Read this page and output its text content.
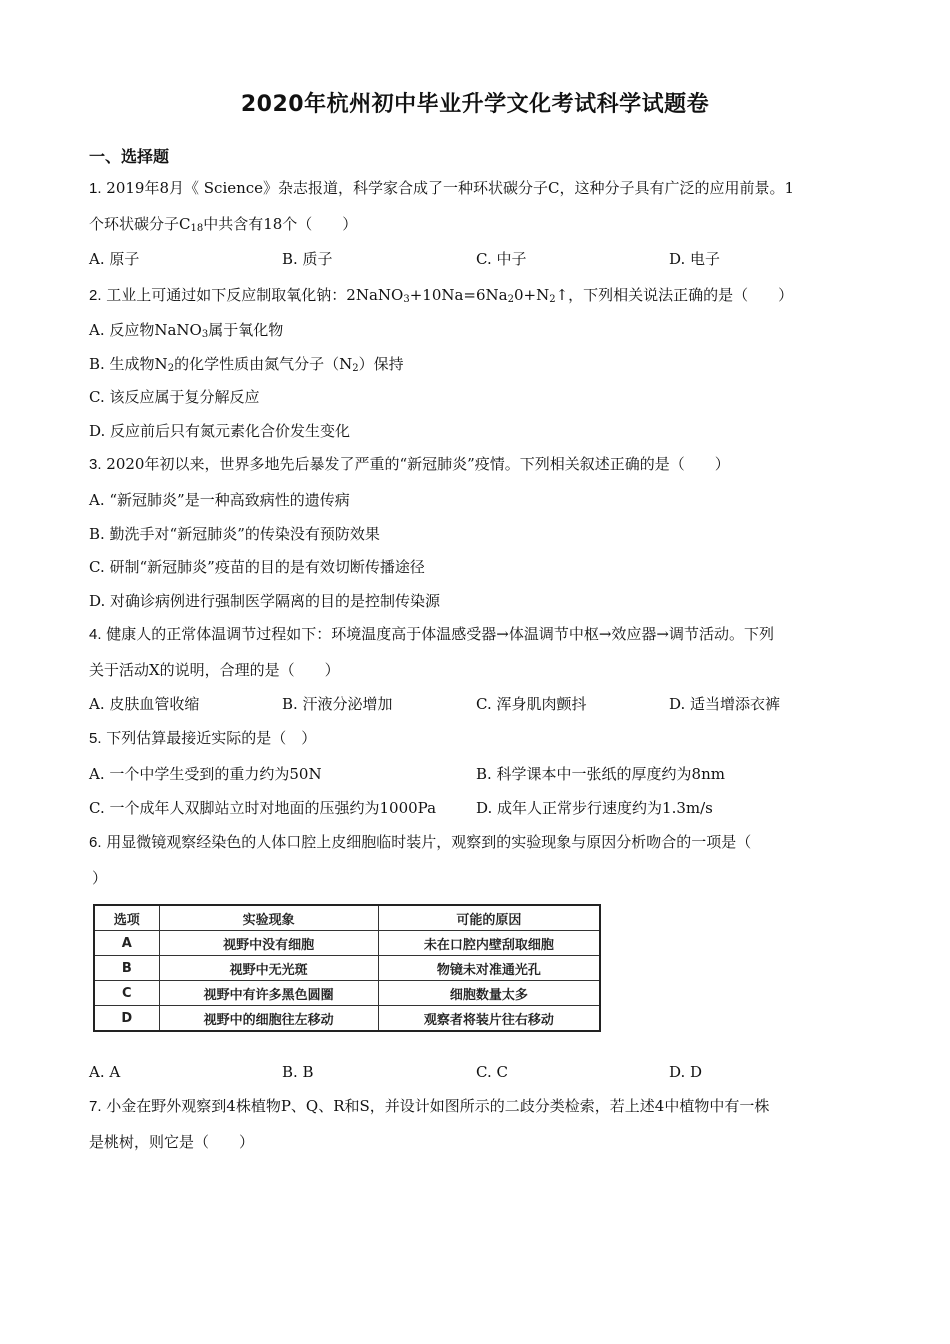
2020年杭州初中毕业升学文化考试科学试题卷
一、选择题
1. 2019年8月《 Science》杂志报道，科学家合成了一种环状碳分子C，这种分子具有广泛的应用前景。1
个环状碳分子$C_{18}$中共含有18个（　　）
A. 原子	B. 质子	C. 中子	D. 电子
2. 工业上可通过如下反应制取氧化钠：$2NaNO_3+10Na=6Na_20+N_2↑$，下列相关说法正确的是（　　）
A. 反应物NaNO$_3$属于氧化物
B. 生成物$N_2$的化学性质由氮气分子$(N_2)$保持
C. 该反应属于复分解反应
D. 反应前后只有氮元素化合价发生变化
3. 2020年初以来，世界多地先后暴发了严重的“新冠肺炎”疫情。下列相关叙述正确的是（　　）
A. “新冠肺炎”是一种高致病性的遗传病
B. 勤洗手对“新冠肺炎”的传染没有预防效果
C. 研制“新冠肺炎”疫苗的目的是有效切断传播途径
D. 对确诊病例进行强制医学隔离的目的是控制传染源
4. 健康人的正常体温调节过程如下：环境温度高于体温感受器→体温调节中枢→效应器→调节活动。下列
关于活动X的说明，合理的是（　　）
A. 皮肤血管收缩	B. 汗液分泌增加	C. 浑身肌肉颤抖	D. 适当增添衣裤
5. 下列估算最接近实际的是（　）
A. 一个中学生受到的重力约为50N	B. 科学课本中一张纸的厚度约为8nm
C. 一个成年人双脚站立时对地面的压强约为1000Pa	D. 成年人正常步行速度约为1.3m/s
6. 用显微镜观察经染色的人体口腔上皮细胞临时装片，观察到的实验现象与原因分析吻合的一项是（
）
选项	实验现象	可能的原因
A	视野中没有细胞	未在口腔内壁刮取细胞
B	视野中无光斑	物镜未对准通光孔
C	视野中有许多黑色圆圈	细胞数量太多
D	视野中的细胞往左移动	观察者将装片往右移动
A. A	B. B	C. C	D. D
7. 小金在野外观察到4株植物P、Q、R和S，并设计如图所示的二歧分类检索，若上述4中植物中有一株
是桃树，则它是（　　）
